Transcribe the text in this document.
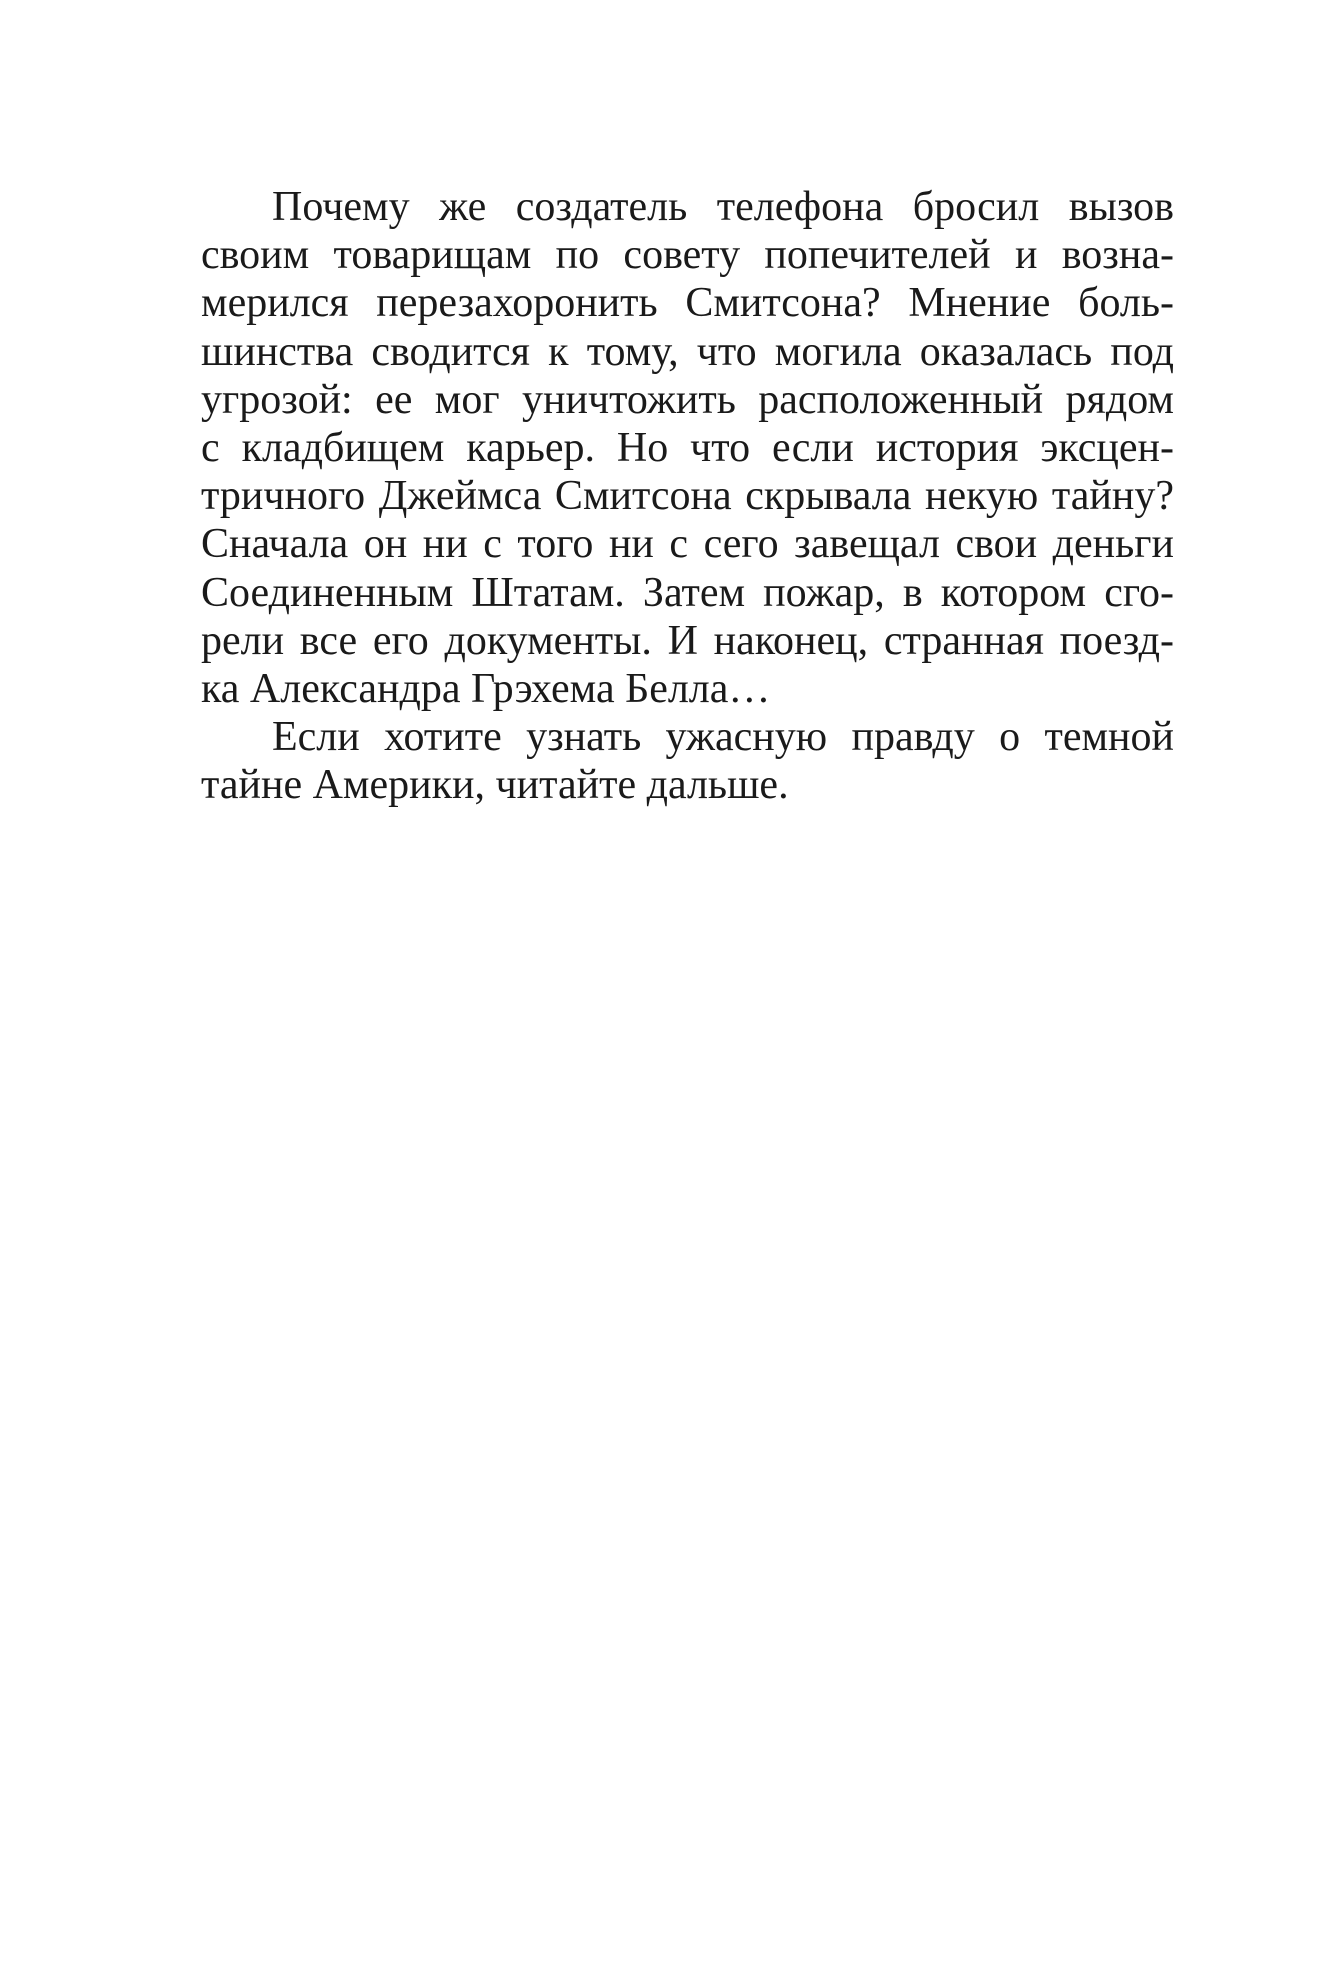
Почему же создатель телефона бросил вызов
своим товарищам по совету попечителей и возна-
мерился перезахоронить Смитсона? Мнение боль-
шинства сводится к тому, что могила оказалась под
угрозой: ее мог уничтожить расположенный рядом
с кладбищем карьер. Но что если история эксцен-
тричного Джеймса Смитсона скрывала некую тайну?
Сначала он ни с того ни с сего завещал свои деньги
Соединенным Штатам. Затем пожар, в котором сго-
рели все его документы. И наконец, странная поезд-
ка Александра Грэхема Белла…

Если хотите узнать ужасную правду о темной
тайне Америки, читайте дальше.
